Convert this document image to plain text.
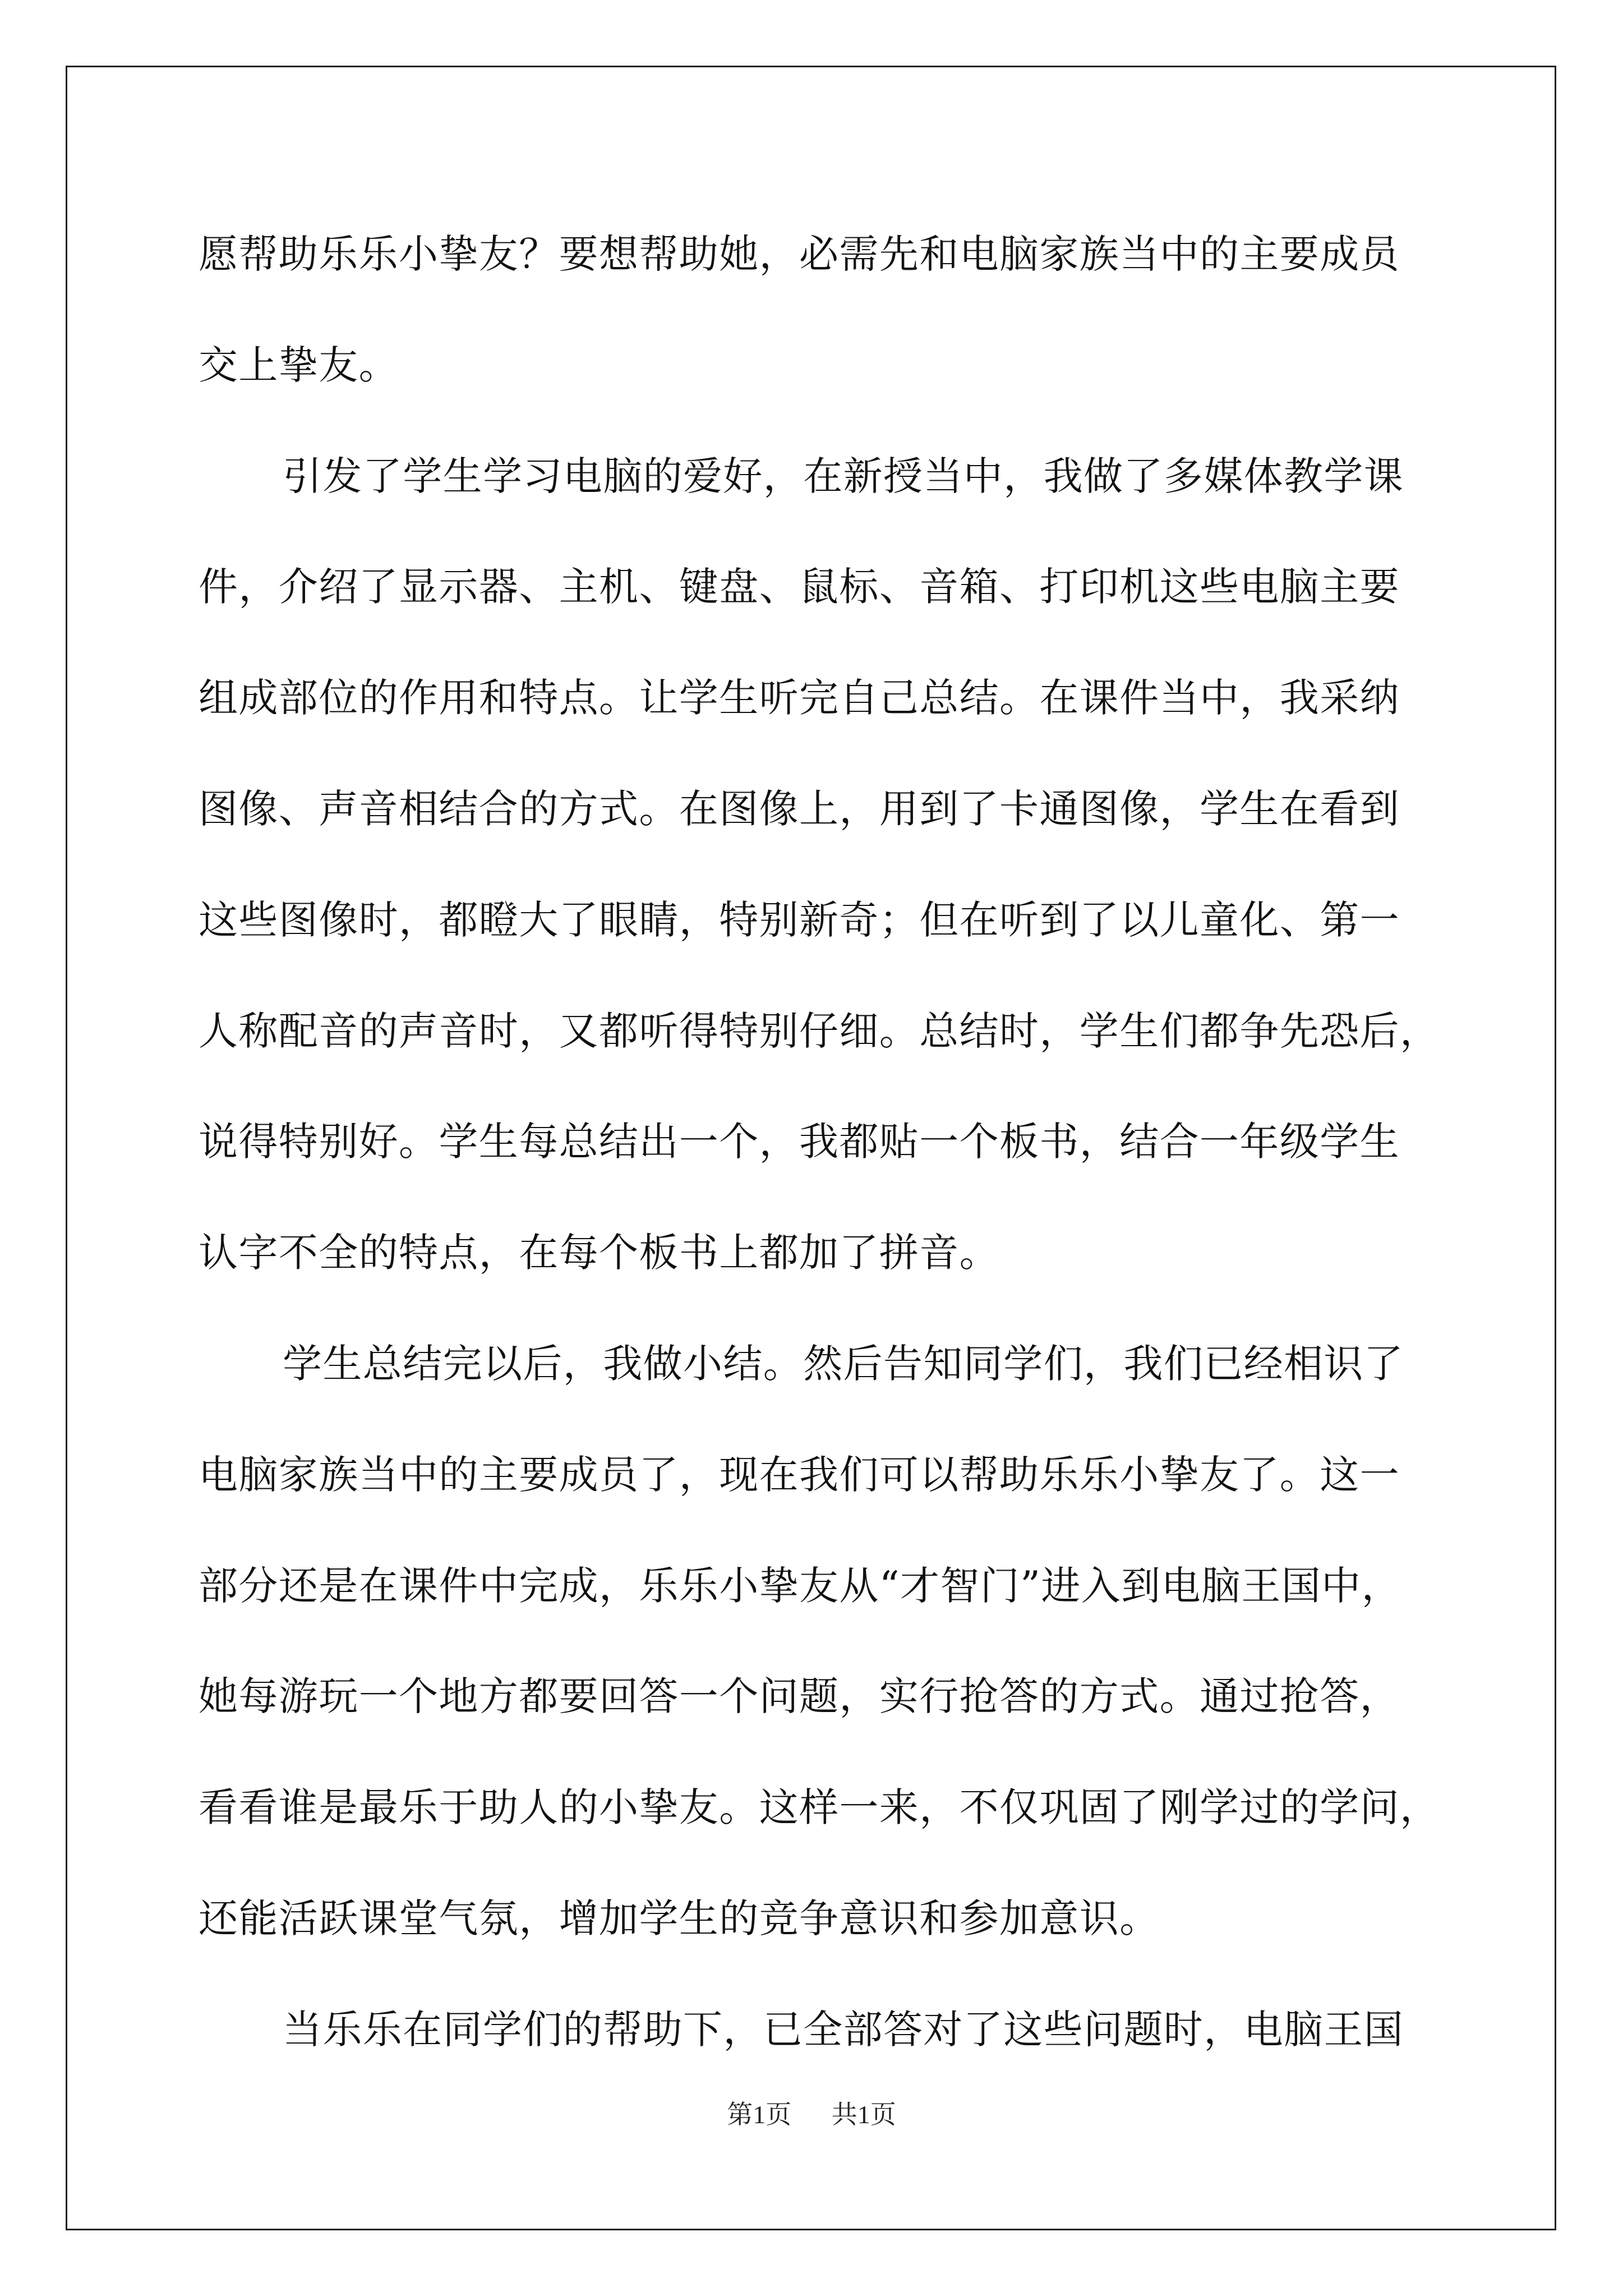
愿帮助乐乐小挚友？要想帮助她，必需先和电脑家族当中的主要成员
交上挚友。
引发了学生学习电脑的爱好，在新授当中，我做了多媒体教学课
件，介绍了显示器、主机、键盘、鼠标、音箱、打印机这些电脑主要
组成部位的作用和特点。让学生听完自己总结。在课件当中，我采纳
图像、声音相结合的方式。在图像上，用到了卡通图像，学生在看到
这些图像时，都瞪大了眼睛，特别新奇；但在听到了以儿童化、第一
人称配音的声音时，又都听得特别仔细。总结时，学生们都争先恐后，
说得特别好。学生每总结出一个，我都贴一个板书，结合一年级学生
认字不全的特点，在每个板书上都加了拼音。
学生总结完以后，我做小结。然后告知同学们，我们已经相识了
电脑家族当中的主要成员了，现在我们可以帮助乐乐小挚友了。这一
部分还是在课件中完成，乐乐小挚友从“才智门”进入到电脑王国中，
她每游玩一个地方都要回答一个问题，实行抢答的方式。通过抢答，
看看谁是最乐于助人的小挚友。这样一来，不仅巩固了刚学过的学问，
还能活跃课堂气氛，增加学生的竞争意识和参加意识。
当乐乐在同学们的帮助下，已全部答对了这些问题时，电脑王国
第1页 共1页
